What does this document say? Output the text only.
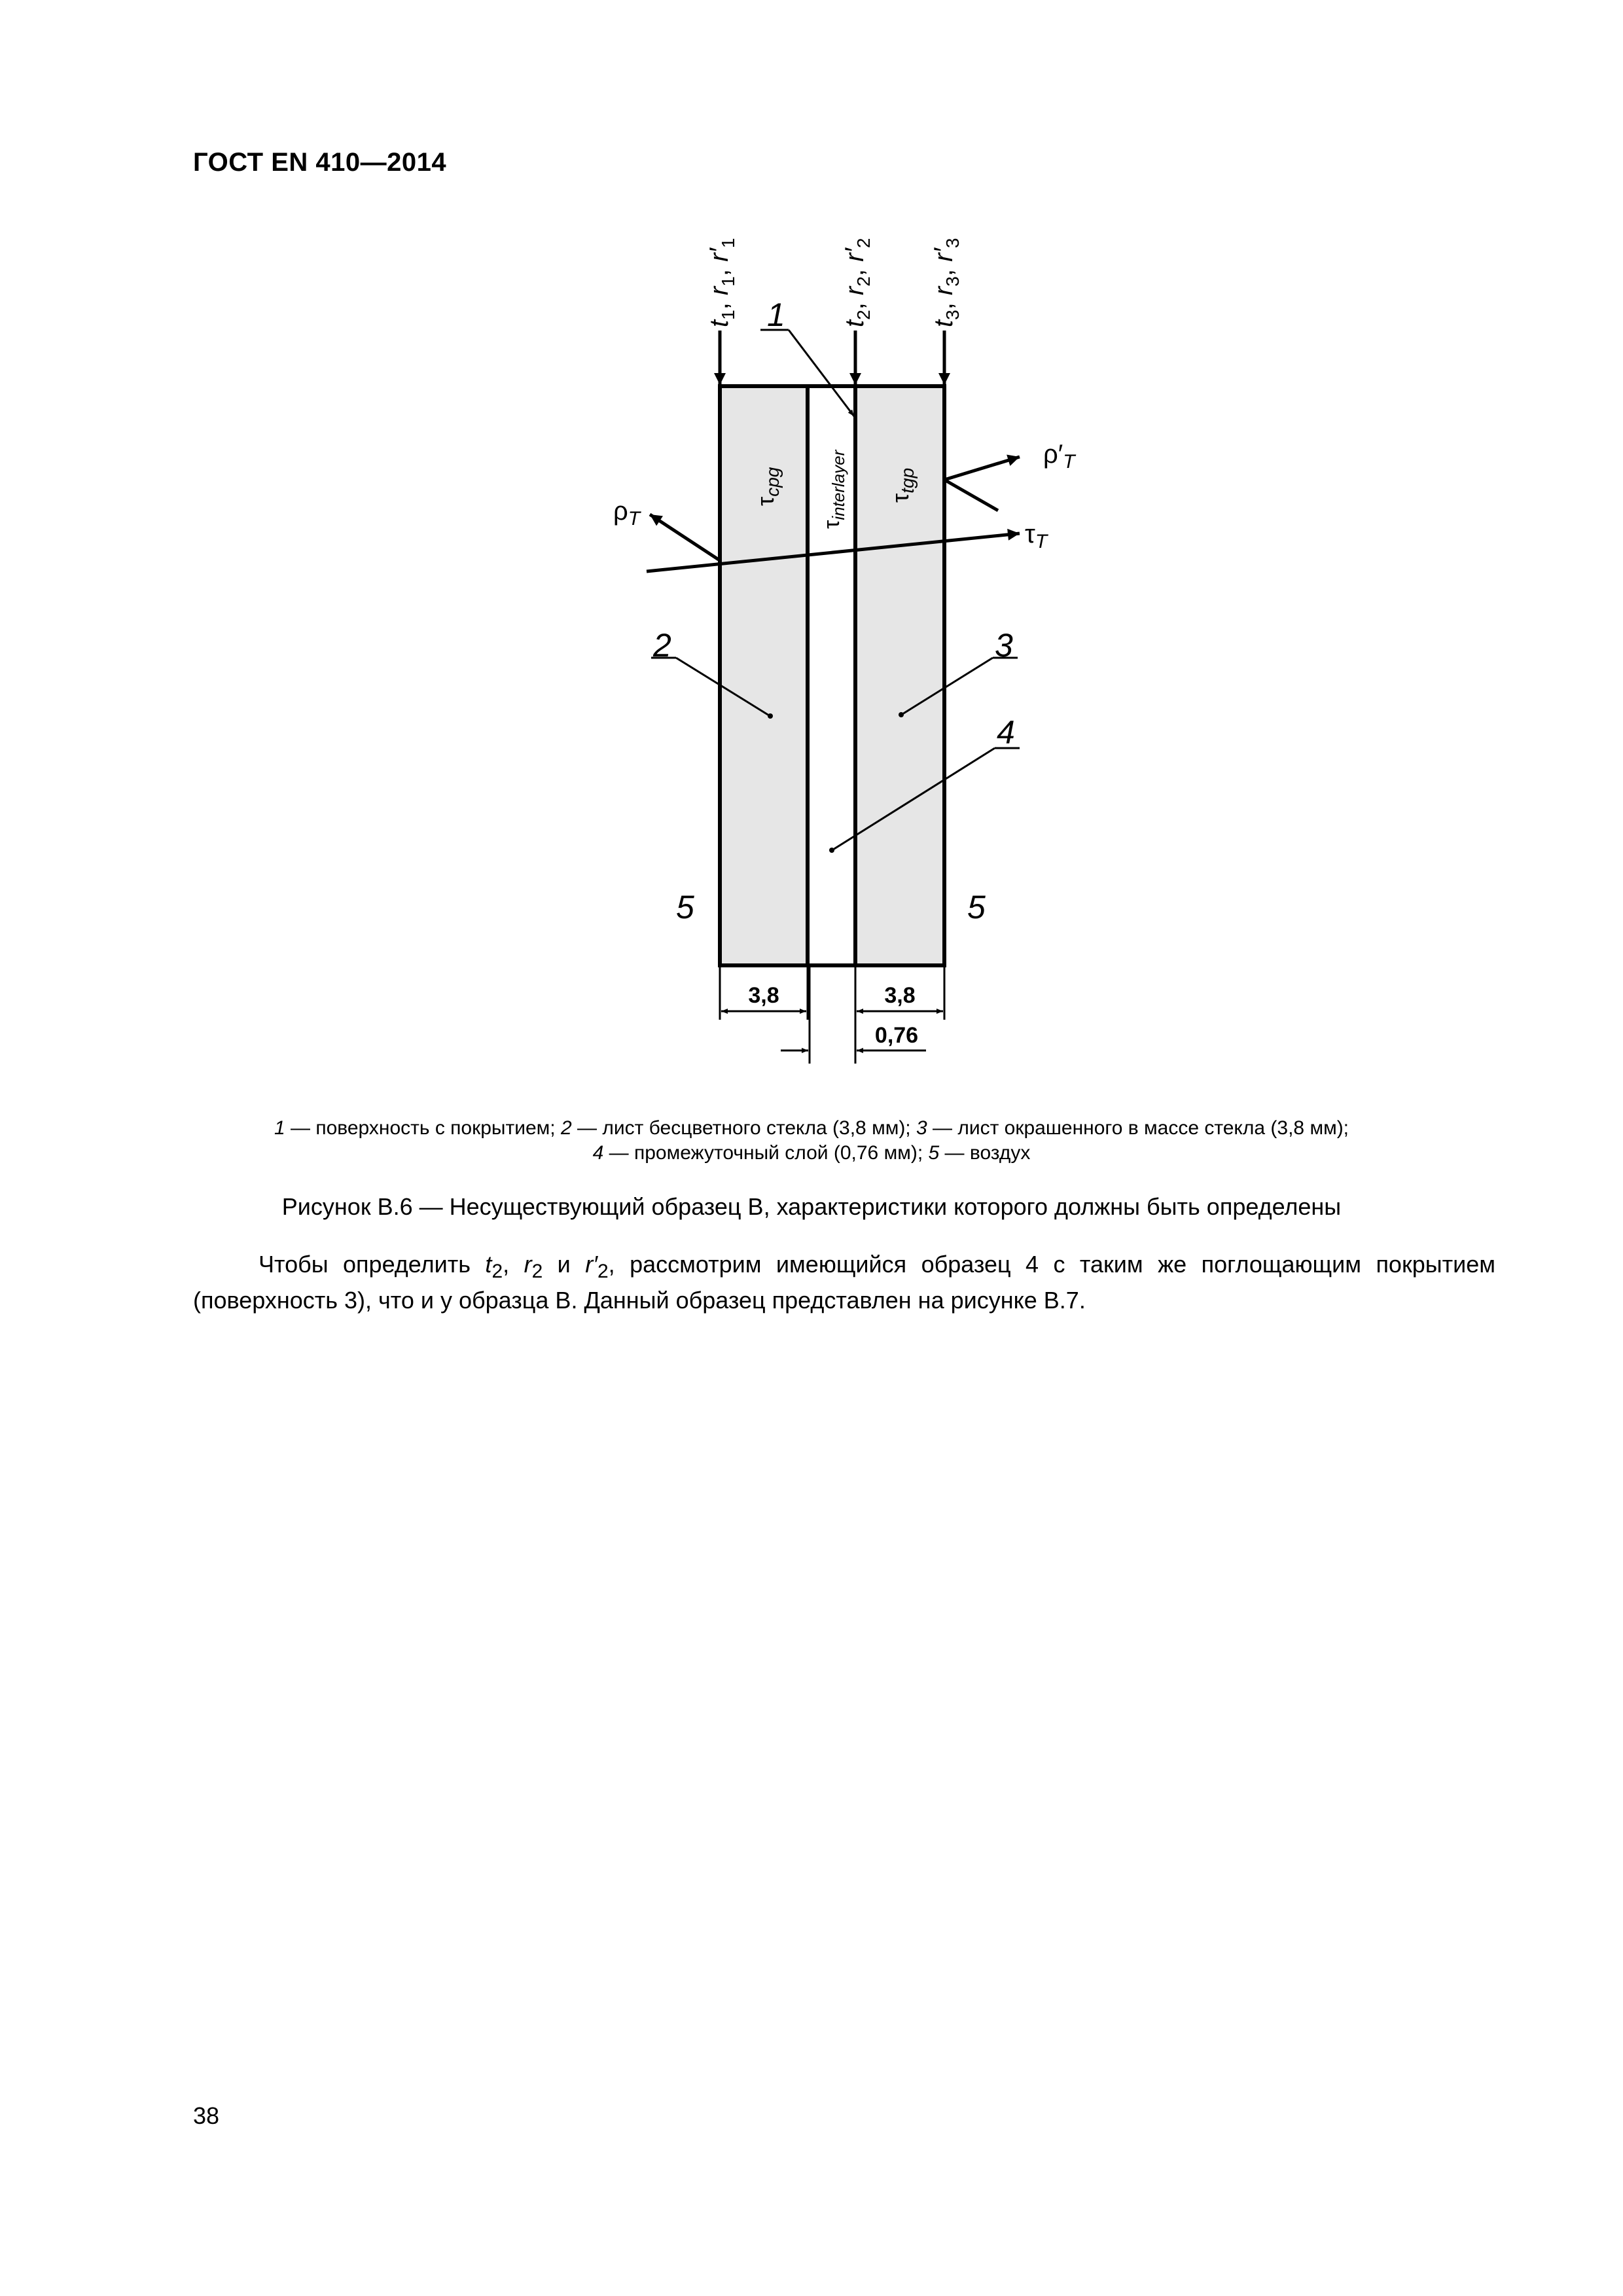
ГОСТ EN 410—2014
$t_1$, $r_1$, $r'_1$
$t_2$, $r_2$, $r'_2$
$t_3$, $r_3$, $r'_3$
1
$\tau_{cpg}$
$\tau_{interlayer}$ $\tau_{tgp}$
$\tau_T$
$\rho_T$
$\rho'_T$
2	3
4
5	5
3,8	3,8
0,76
1 — поверхность с покрытием; 2 — лист бесцветного стекла (3,8 мм); 3 — лист окрашенного в массе стекла (3,8 мм);
4 — промежуточный слой (0,76 мм); 5 — воздух
Рисунок В.6 — Несуществующий образец В, характеристики которого должны быть определены
Чтобы определить $t_2$, $r_2$ и $r'_2$, рассмотрим имеющийся образец 4 с таким же поглощающим покрытием (поверхность 3), что и у образца В. Данный образец представлен на рисунке В.7.
38
